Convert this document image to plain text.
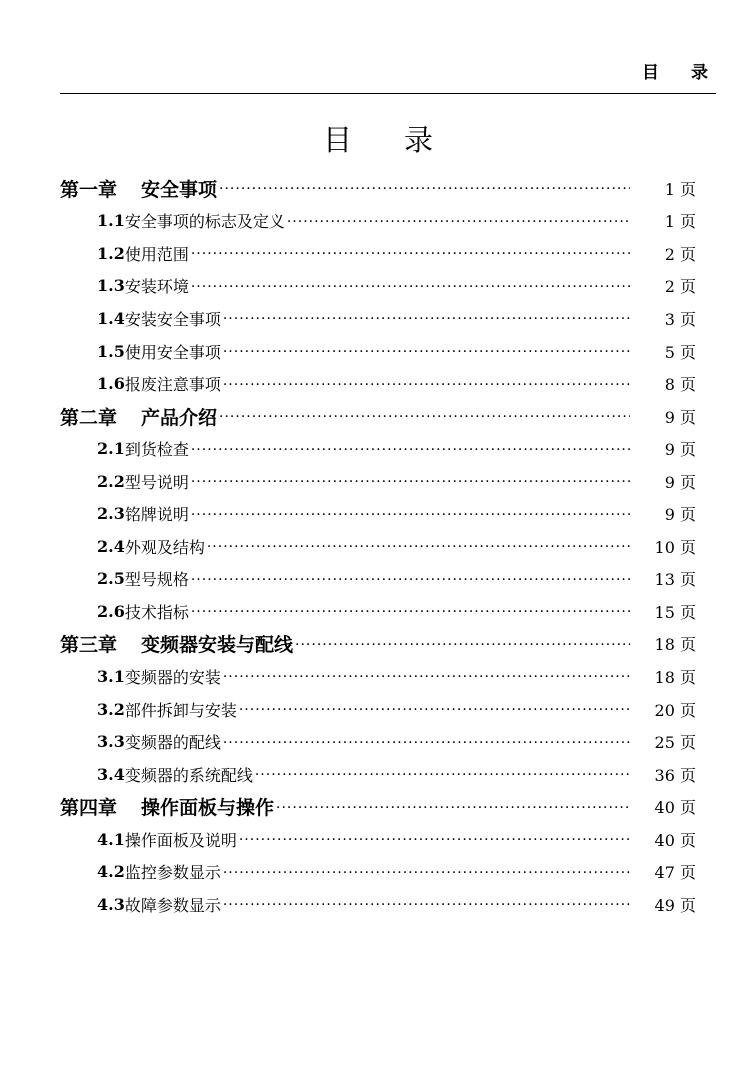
目录
目录
第一章 安全事项 ·····	1 页
1.1 安全事项的标志及定义 ·····	1 页
1.2 使用范围 ·····	2 页
1.3 安装环境 ·····	2 页
1.4 安装安全事项 ·····	3 页
1.5 使用安全事项 ·····	5 页
1.6 报废注意事项 ·····	8 页
第二章 产品介绍 ·····	9 页
2.1 到货检查 ·····	9 页
2.2 型号说明 ·····	9 页
2.3 铭牌说明 ·····	9 页
2.4 外观及结构 ·····	10 页
2.5 型号规格 ·····	13 页
2.6 技术指标 ·····	15 页
第三章 变频器安装与配线 ·····	18 页
3.1 变频器的安装 ·····	18 页
3.2 部件拆卸与安装 ·····	20 页
3.3 变频器的配线 ·····	25 页
3.4 变频器的系统配线 ·····	36 页
第四章 操作面板与操作 ·····	40 页
4.1 操作面板及说明 ·····	40 页
4.2 监控参数显示 ·····	47 页
4.3 故障参数显示 ·····	49 页
